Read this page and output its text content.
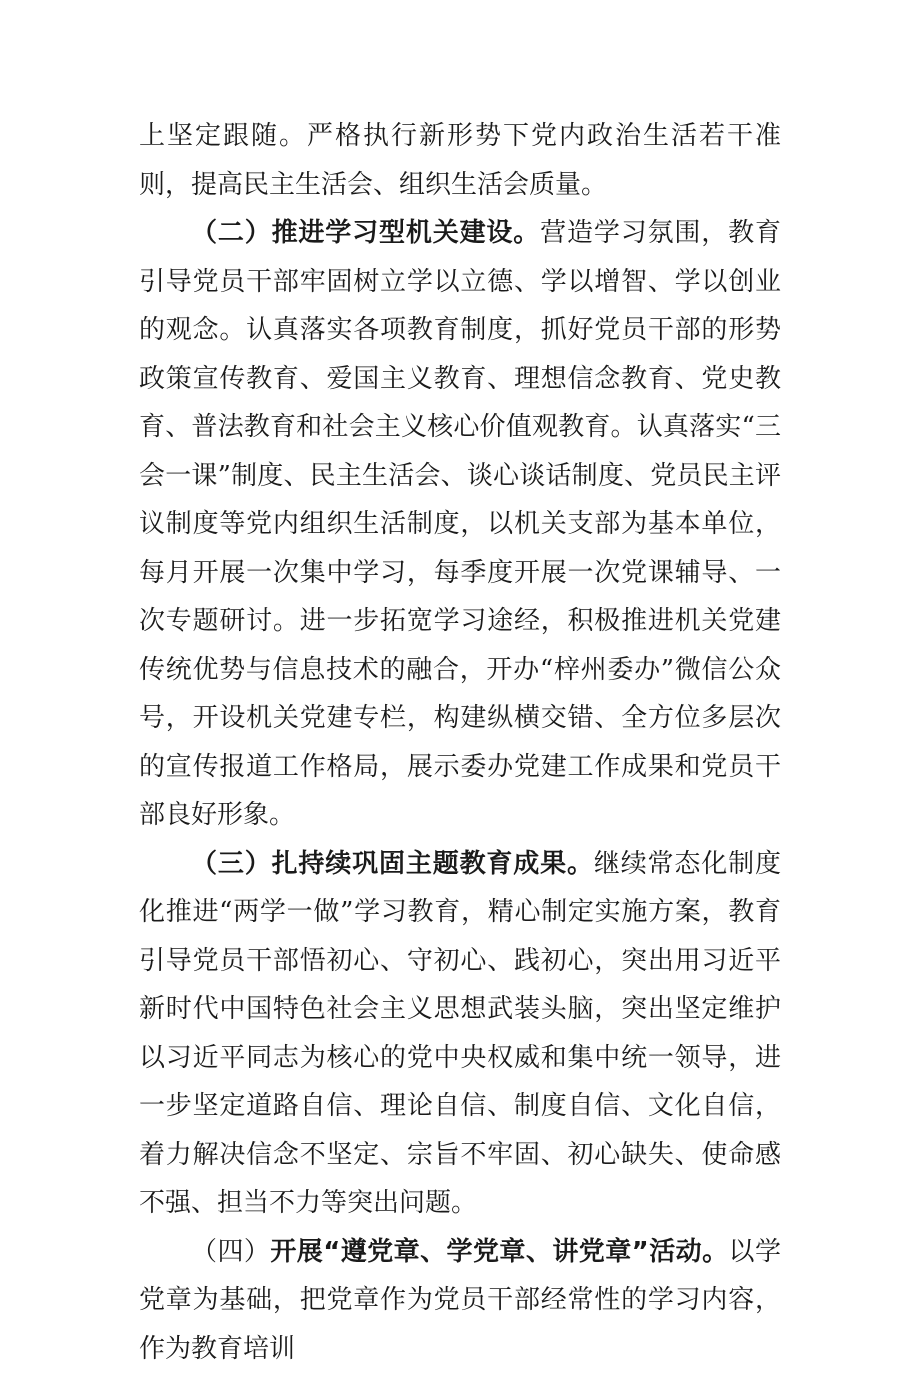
上坚定跟随。严格执行新形势下党内政治生活若干准则，提高民主生活会、组织生活会质量。

（二）推进学习型机关建设。营造学习氛围，教育引导党员干部牢固树立学以立德、学以增智、学以创业的观念。认真落实各项教育制度，抓好党员干部的形势政策宣传教育、爱国主义教育、理想信念教育、党史教育、普法教育和社会主义核心价值观教育。认真落实“三会一课”制度、民主生活会、谈心谈话制度、党员民主评议制度等党内组织生活制度，以机关支部为基本单位，每月开展一次集中学习，每季度开展一次党课辅导、一次专题研讨。进一步拓宽学习途经，积极推进机关党建传统优势与信息技术的融合，开办“梓州委办”微信公众号，开设机关党建专栏，构建纵横交错、全方位多层次的宣传报道工作格局，展示委办党建工作成果和党员干部良好形象。

（三）扎持续巩固主题教育成果。继续常态化制度化推进“两学一做”学习教育，精心制定实施方案，教育引导党员干部悟初心、守初心、践初心，突出用习近平新时代中国特色社会主义思想武装头脑，突出坚定维护以习近平同志为核心的党中央权威和集中统一领导，进一步坚定道路自信、理论自信、制度自信、文化自信，着力解决信念不坚定、宗旨不牢固、初心缺失、使命感不强、担当不力等突出问题。

（四）开展“遵党章、学党章、讲党章”活动。以学党章为基础，把党章作为党员干部经常性的学习内容，作为教育培训
